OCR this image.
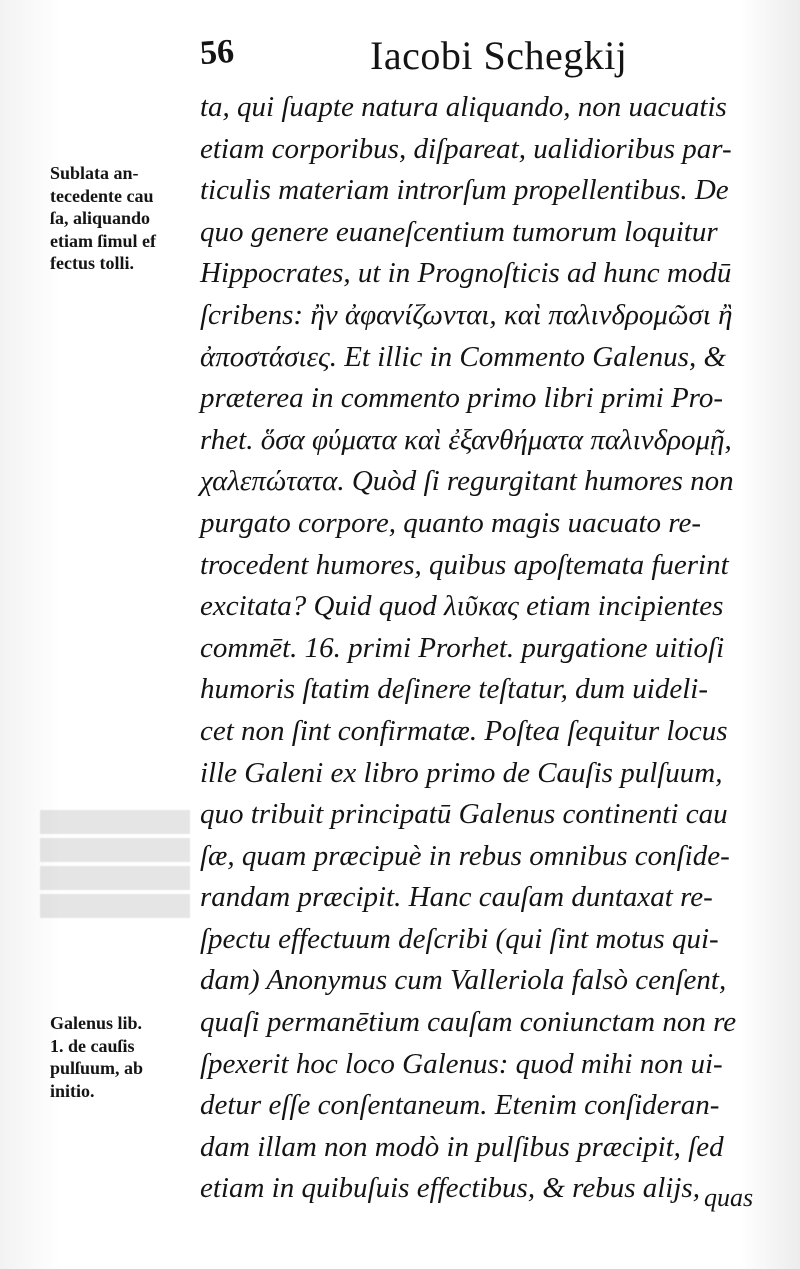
56	Iacobi Schegkij
Sublata an-
tecedente cau
ſa, aliquando
etiam ſimul ef
fectus tolli.
Galenus lib.
1. de cauſis
pulſuum, ab
initio.
ta, qui ſuapte natura aliquando, non uacuatis
etiam corporibus, diſpareat, ualidioribus par-
ticulis materiam introrſum propellentibus. De
quo genere euaneſcentium tumorum loquitur
Hippocrates, ut in Prognoſticis ad hunc modū
ſcribens: ἢν ἀφανίζωνται, καὶ παλινδρομῶσι ἢ
ἀποστάσιες. Et illic in Commento Galenus, &
præterea in commento primo libri primi Pro-
rhet. ὅσα φύματα καὶ ἐξανθήματα παλινδρομῇ,
χαλεπώτατα. Quòd ſi regurgitant humores non
purgato corpore, quanto magis uacuato re-
trocedent humores, quibus apoſtemata fuerint
excitata? Quid quod λιῦκας etiam incipientes
commēt. 16. primi Prorhet. purgatione uitioſi
humoris ſtatim deſinere teſtatur, dum uideli-
cet non ſint confirmatæ. Poſtea ſequitur locus
ille Galeni ex libro primo de Cauſis pulſuum,
quo tribuit principatū Galenus continenti cau
ſæ, quam præcipuè in rebus omnibus conſide-
randam præcipit. Hanc cauſam duntaxat re-
ſpectu effectuum deſcribi (qui ſint motus qui-
dam) Anonymus cum Valleriola falsò cenſent,
quaſi permanētium cauſam coniunctam non re
ſpexerit hoc loco Galenus: quod mihi non ui-
detur eſſe conſentaneum. Etenim conſideran-
dam illam non modò in pulſibus præcipit, ſed
etiam in quibuſuis effectibus, & rebus alijs, quas
